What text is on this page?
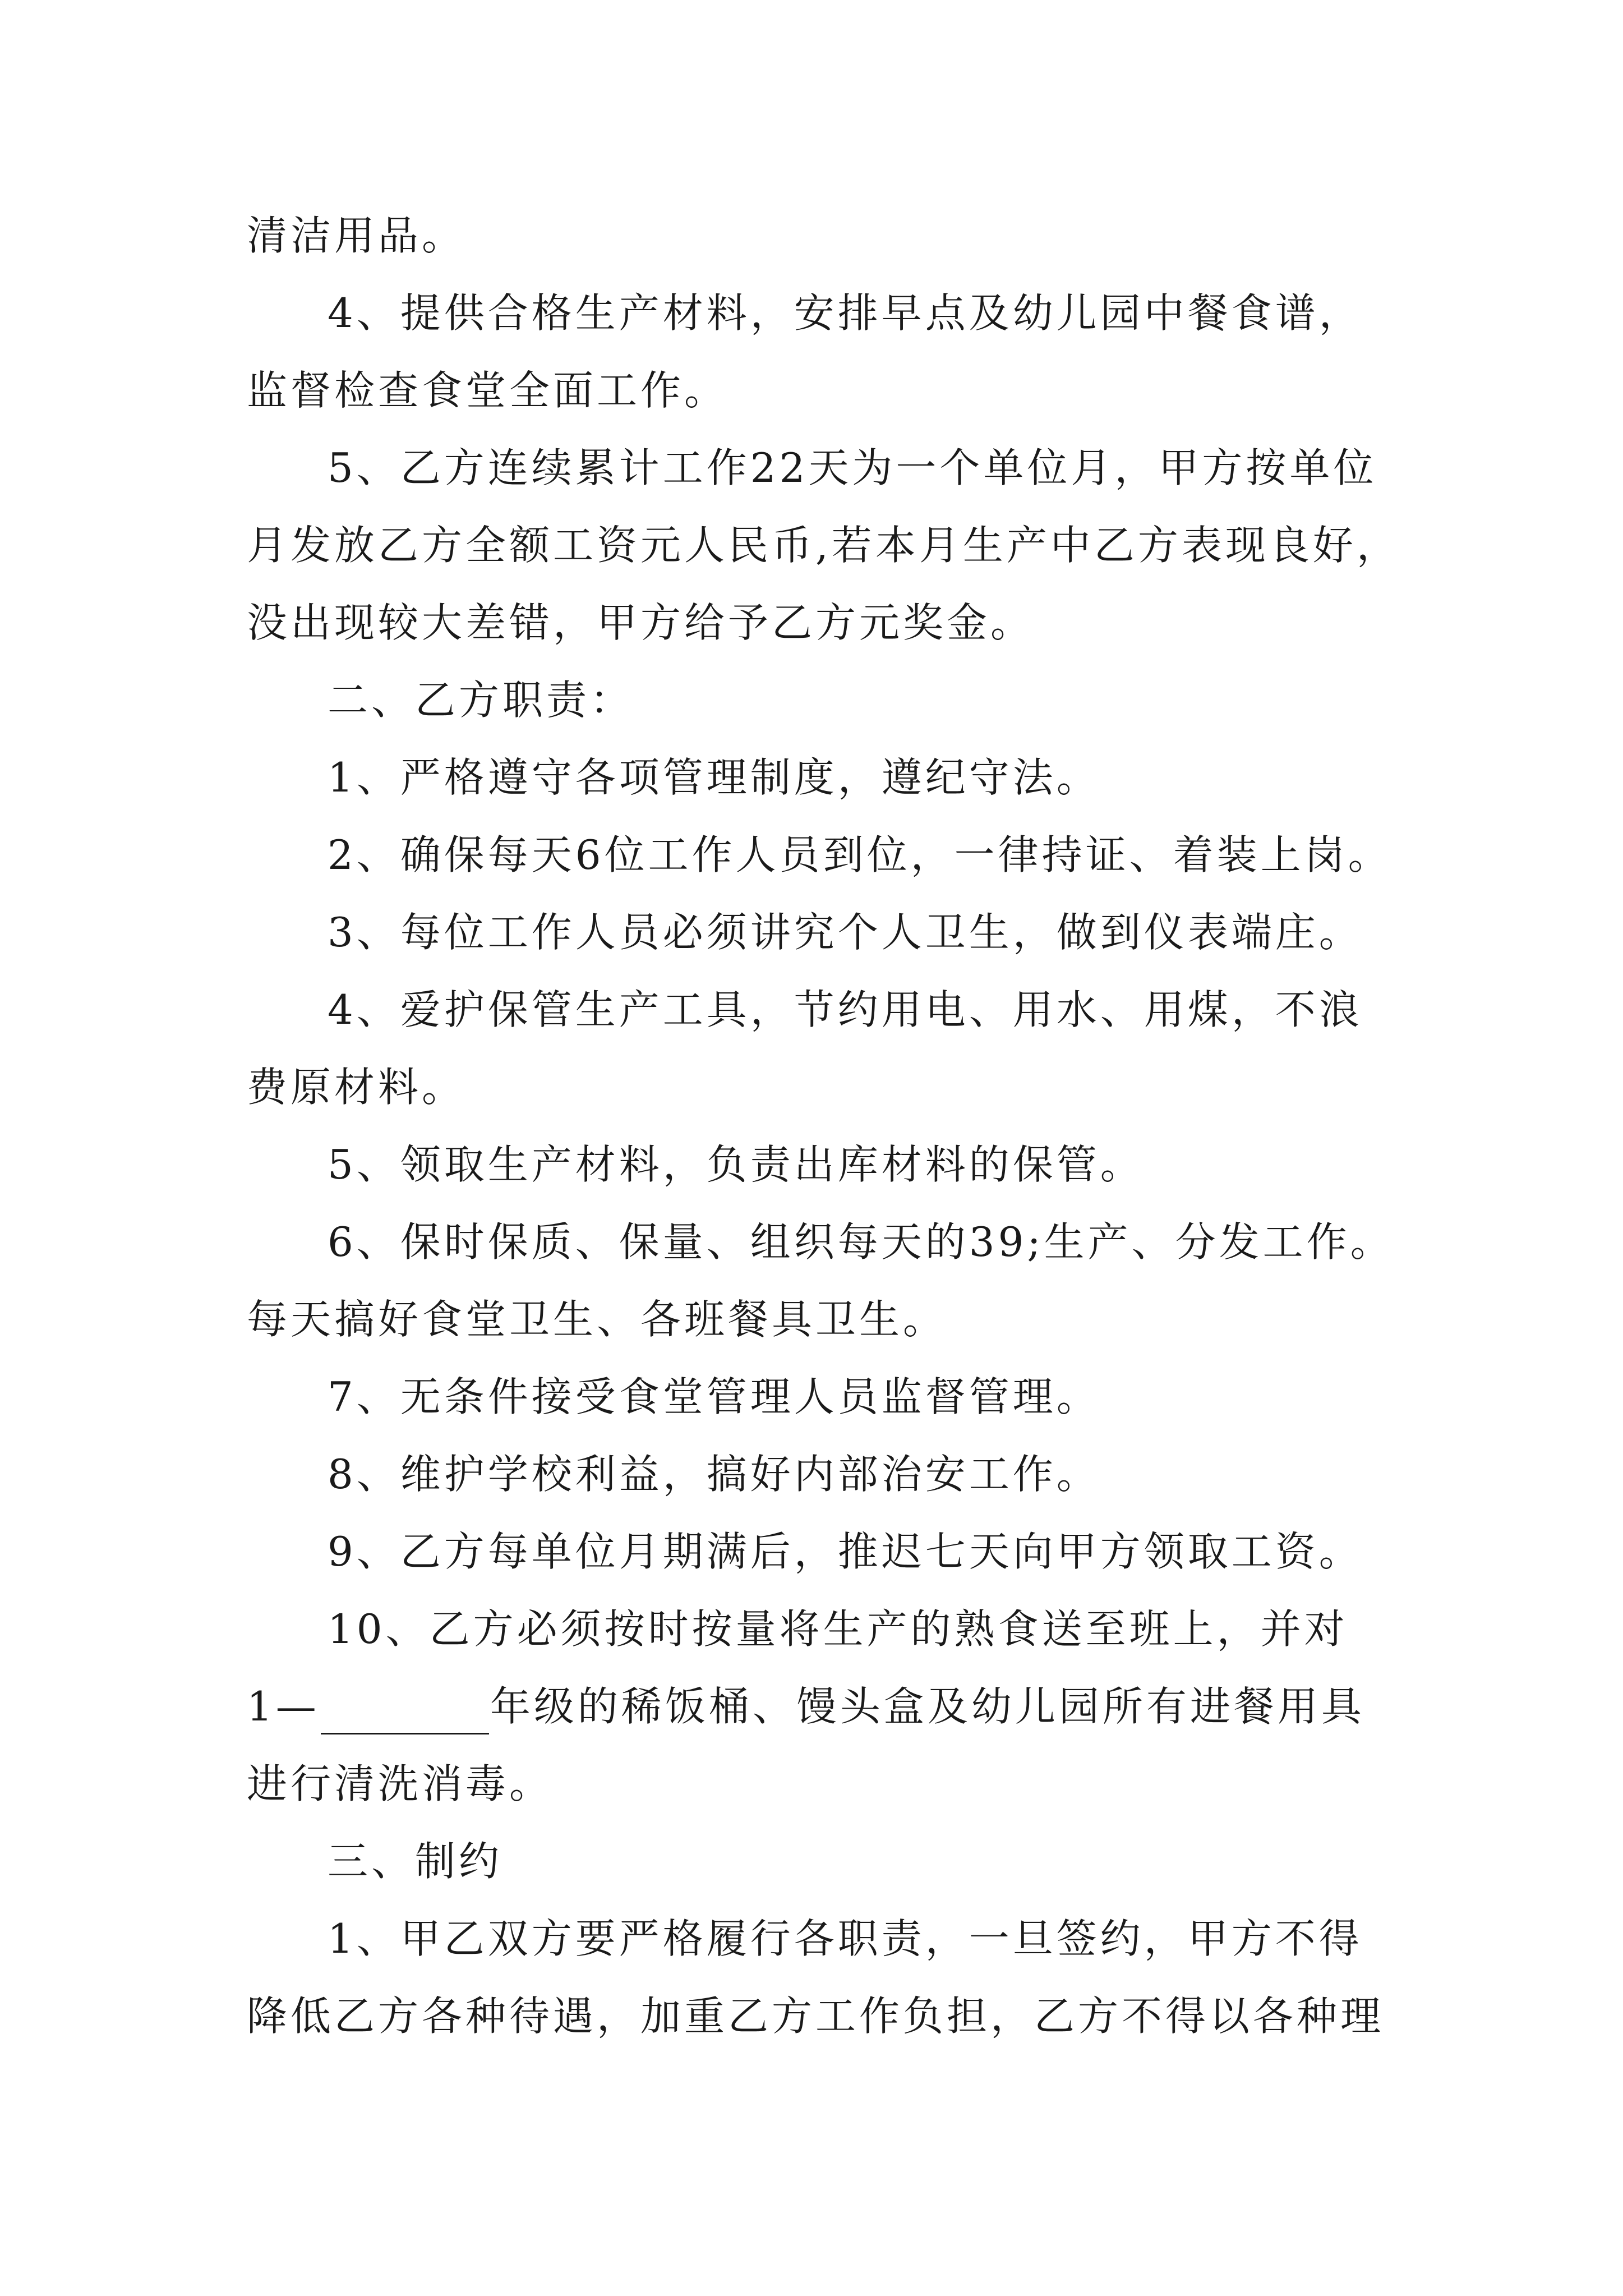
清洁用品。
4、提供合格生产材料，安排早点及幼儿园中餐食谱，
监督检查食堂全面工作。
5、乙方连续累计工作22天为一个单位月，甲方按单位
月发放乙方全额工资元人民币,若本月生产中乙方表现良好，
没出现较大差错，甲方给予乙方元奖金。
二、乙方职责：
1、严格遵守各项管理制度，遵纪守法。
2、确保每天6位工作人员到位，一律持证、着装上岗。
3、每位工作人员必须讲究个人卫生，做到仪表端庄。
4、爱护保管生产工具，节约用电、用水、用煤，不浪
费原材料。
5、领取生产材料，负责出库材料的保管。
6、保时保质、保量、组织每天的39;生产、分发工作。
每天搞好食堂卫生、各班餐具卫生。
7、无条件接受食堂管理人员监督管理。
8、维护学校利益，搞好内部治安工作。
9、乙方每单位月期满后，推迟七天向甲方领取工资。
10、乙方必须按时按量将生产的熟食送至班上，并对
1—	年级的稀饭桶、馒头盒及幼儿园所有进餐用具
进行清洗消毒。
三、制约
1、甲乙双方要严格履行各职责，一旦签约，甲方不得
降低乙方各种待遇，加重乙方工作负担，乙方不得以各种理
